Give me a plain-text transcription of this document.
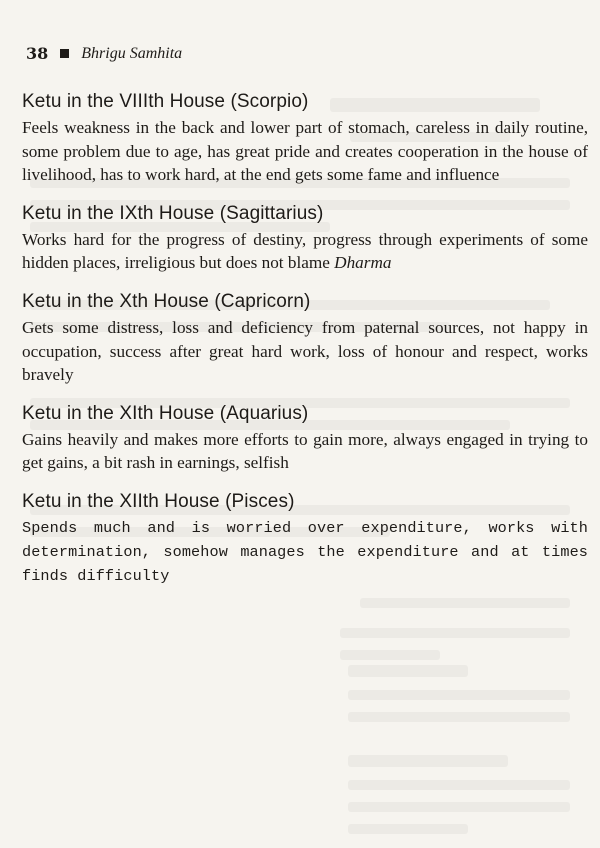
38 Bhrigu Samhita
Ketu in the VIIIth House (Scorpio)

Feels weakness in the back and lower part of stomach, careless in daily routine, some problem due to age, has great pride and creates cooperation in the house of livelihood, has to work hard, at the end gets some fame and influence

Ketu in the IXth House (Sagittarius)

Works hard for the progress of destiny, progress through experiments of some hidden places, irreligious but does not blame Dharma

Ketu in the Xth House (Capricorn)

Gets some distress, loss and deficiency from paternal sources, not happy in occupation, success after great hard work, loss of honour and respect, works bravely

Ketu in the XIth House (Aquarius)

Gains heavily and makes more efforts to gain more, always engaged in trying to get gains, a bit rash in earnings, selfish

Ketu in the XIIth House (Pisces)

Spends much and is worried over expenditure, works with determination, somehow manages the expenditure and at times finds difficulty
